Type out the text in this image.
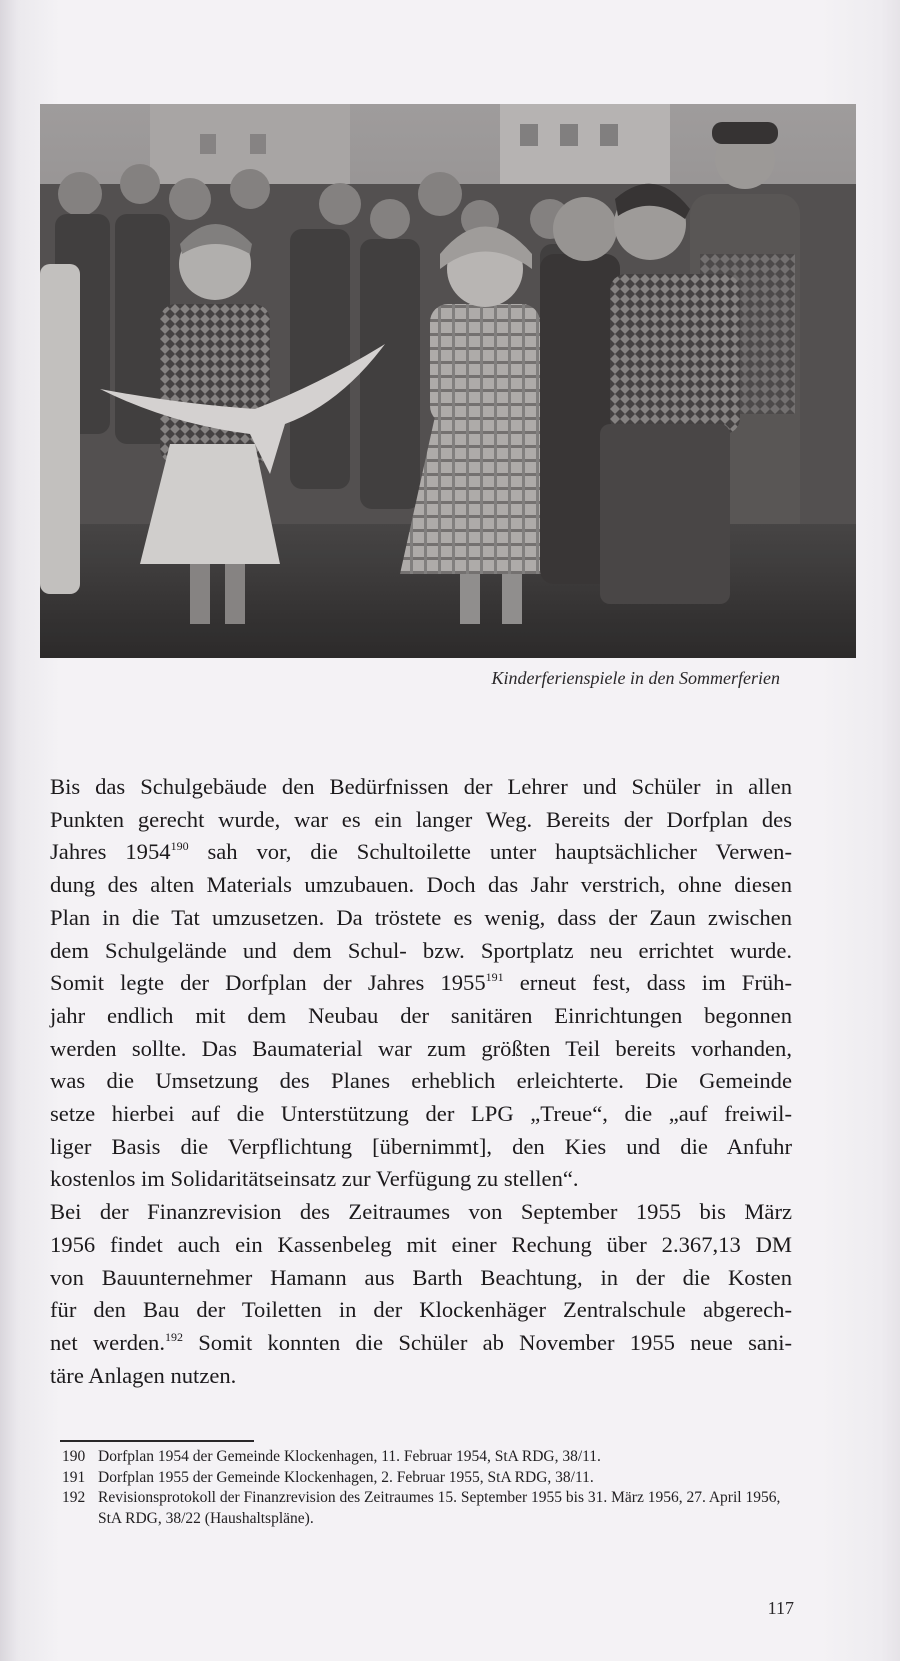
Kinderferienspiele in den Sommerferien
Bis das Schulgebäude den Bedürfnissen der Lehrer und Schüler in allen
Punkten gerecht wurde, war es ein langer Weg. Bereits der Dorfplan des
Jahres 1954$^{190}$ sah vor, die Schultoilette unter hauptsächlicher Verwen-
dung des alten Materials umzubauen. Doch das Jahr verstrich, ohne diesen
Plan in die Tat umzusetzen. Da tröstete es wenig, dass der Zaun zwischen
dem Schulgelände und dem Schul- bzw. Sportplatz neu errichtet wurde.
Somit legte der Dorfplan der Jahres 1955$^{191}$ erneut fest, dass im Früh-
jahr endlich mit dem Neubau der sanitären Einrichtungen begonnen
werden sollte. Das Baumaterial war zum größten Teil bereits vorhanden,
was die Umsetzung des Planes erheblich erleichterte. Die Gemeinde
setze hierbei auf die Unterstützung der LPG „Treue“, die „auf freiwil-
liger Basis die Verpflichtung [übernimmt], den Kies und die Anfuhr
kostenlos im Solidaritätseinsatz zur Verfügung zu stellen“.
Bei der Finanzrevision des Zeitraumes von September 1955 bis März
1956 findet auch ein Kassenbeleg mit einer Rechung über 2.367,13 DM
von Bauunternehmer Hamann aus Barth Beachtung, in der die Kosten
für den Bau der Toiletten in der Klockenhäger Zentralschule abgerech-
net werden.$^{192}$ Somit konnten die Schüler ab November 1955 neue sani-
täre Anlagen nutzen.
190 Dorfplan 1954 der Gemeinde Klockenhagen, 11. Februar 1954, StA RDG, 38/11.
191 Dorfplan 1955 der Gemeinde Klockenhagen, 2. Februar 1955, StA RDG, 38/11.
192 Revisionsprotokoll der Finanzrevision des Zeitraumes 15. September 1955 bis 31. März 1956, 27. April 1956, StA RDG, 38/22 (Haushaltspläne).
117
